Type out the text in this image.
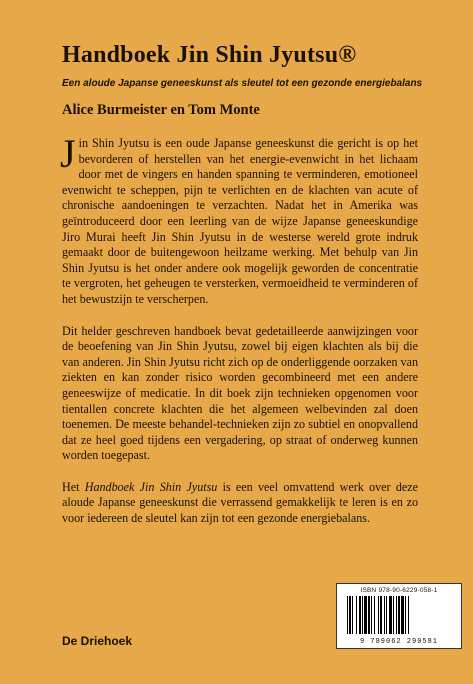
Handboek Jin Shin Jyutsu®
Een aloude Japanse geneeskunst als sleutel tot een gezonde energiebalans
Alice Burmeister en Tom Monte

Jin Shin Jyutsu is een oude Japanse geneeskunst die gericht is op het bevorderen of herstellen van het energie-evenwicht in het lichaam door met de vingers en handen spanning te verminderen, emotioneel evenwicht te scheppen, pijn te verlichten en de klachten van acute of chronische aandoeningen te verzachten. Nadat het in Amerika was geïntroduceerd door een leerling van de wijze Japanse geneeskundige Jiro Murai heeft Jin Shin Jyutsu in de westerse wereld grote indruk gemaakt door de buitengewoon heilzame werking. Met behulp van Jin Shin Jyutsu is het onder andere ook mogelijk geworden de concentratie te vergroten, het geheugen te versterken, vermoeidheid te verminderen of het bewustzijn te verscherpen.

Dit helder geschreven handboek bevat gedetailleerde aanwijzingen voor de beoefening van Jin Shin Jyutsu, zowel bij eigen klachten als bij die van anderen. Jin Shin Jyutsu richt zich op de onderliggende oorzaken van ziekten en kan zonder risico worden gecombineerd met een andere geneeswijze of medicatie. In dit boek zijn technieken opgenomen voor tientallen concrete klachten die het algemeen welbevinden zal doen toenemen. De meeste behandel-technieken zijn zo subtiel en onopvallend dat ze heel goed tijdens een vergadering, op straat of onderweg kunnen worden toegepast.

Het Handboek Jin Shin Jyutsu is een veel omvattend werk over deze aloude Japanse geneeskunst die verrassend gemakkelijk te leren is en zo voor iedereen de sleutel kan zijn tot een gezonde energiebalans.

ISBN 978-90-6229-058-1
9 789062 290581
De Driehoek
